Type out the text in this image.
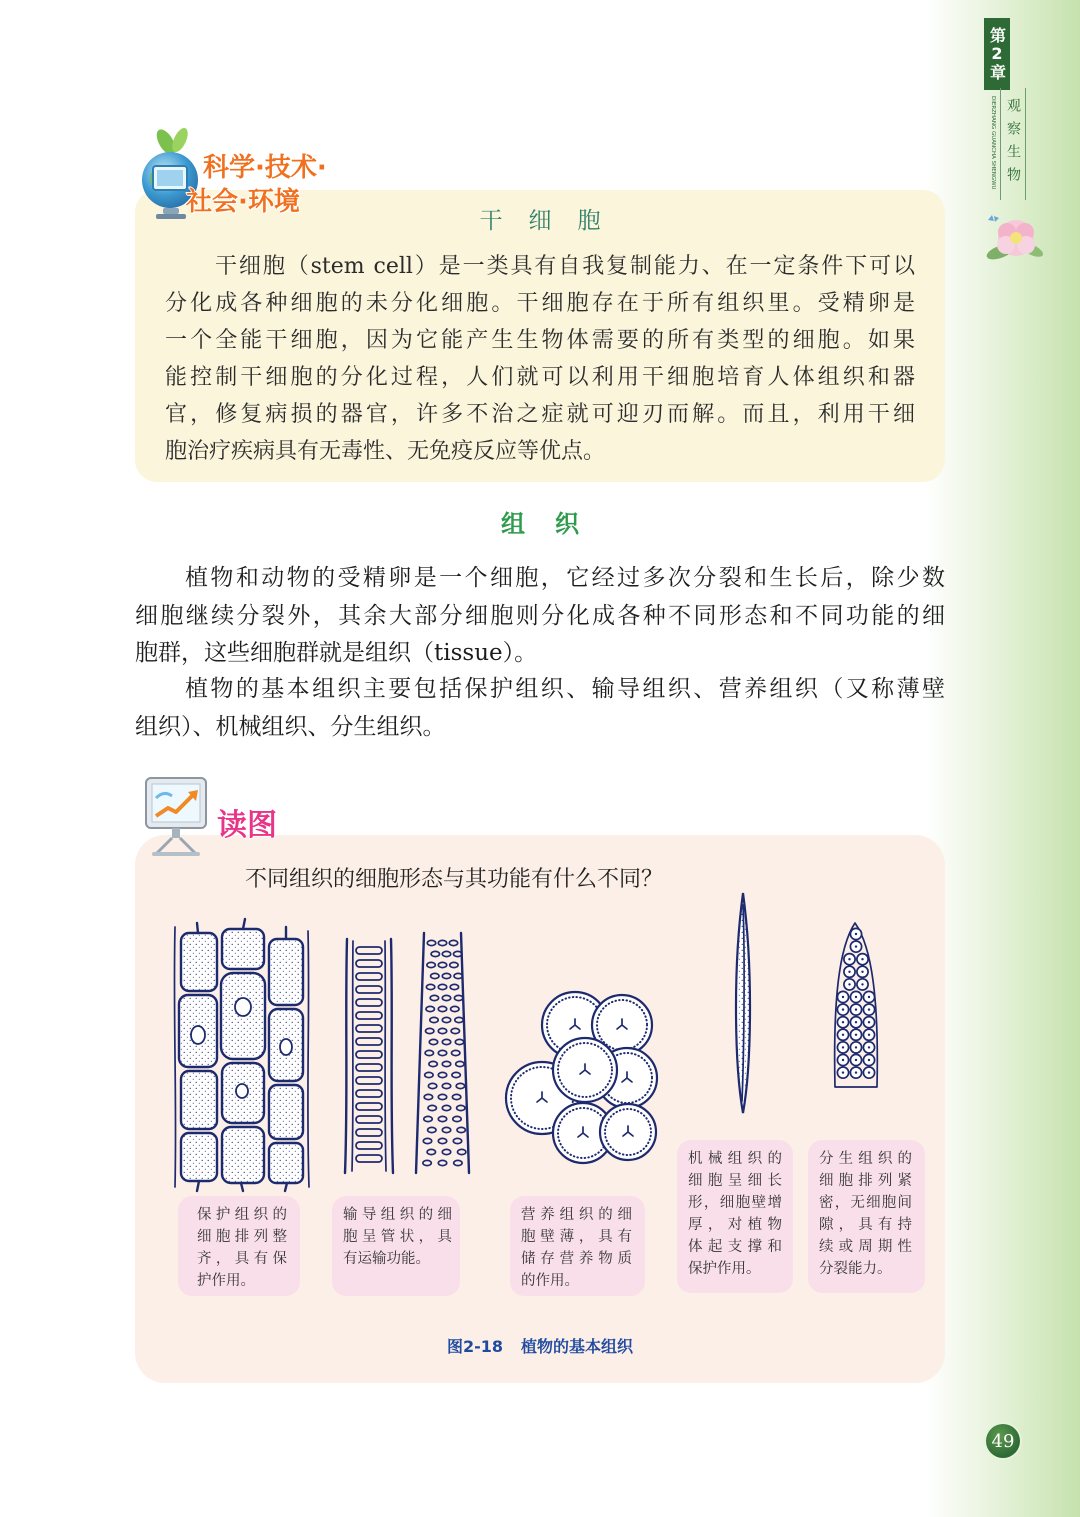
第2章
观察生物
DIERZHANG GUANCHA SHENGWU
科学·技术·
社会·环境
干细胞
干细胞（stem cell）是一类具有自我复制能力、在一定条件下可以
分化成各种细胞的未分化细胞。干细胞存在于所有组织里。受精卵是
一个全能干细胞，因为它能产生生物体需要的所有类型的细胞。如果
能控制干细胞的分化过程，人们就可以利用干细胞培育人体组织和器
官，修复病损的器官，许多不治之症就可迎刃而解。而且，利用干细
胞治疗疾病具有无毒性、无免疫反应等优点。
组织
植物和动物的受精卵是一个细胞，它经过多次分裂和生长后，除少数
细胞继续分裂外，其余大部分细胞则分化成各种不同形态和不同功能的细
胞群，这些细胞群就是组织（tissue）。
植物的基本组织主要包括保护组织、输导组织、营养组织（又称薄壁
组织）、机械组织、分生组织。
读图
不同组织的细胞形态与其功能有什么不同？
保护组织的
细胞排列整
齐，具有保
护作用。
输导组织的细
胞呈管状，具
有运输功能。
营养组织的细
胞壁薄，具有
储存营养物质
的作用。
机械组织的
细胞呈细长
形，细胞壁增
厚，对植物
体起支撑和
保护作用。
分生组织的
细胞排列紧
密，无细胞间
隙，具有持
续或周期性
分裂能力。
图2-18 植物的基本组织
49
